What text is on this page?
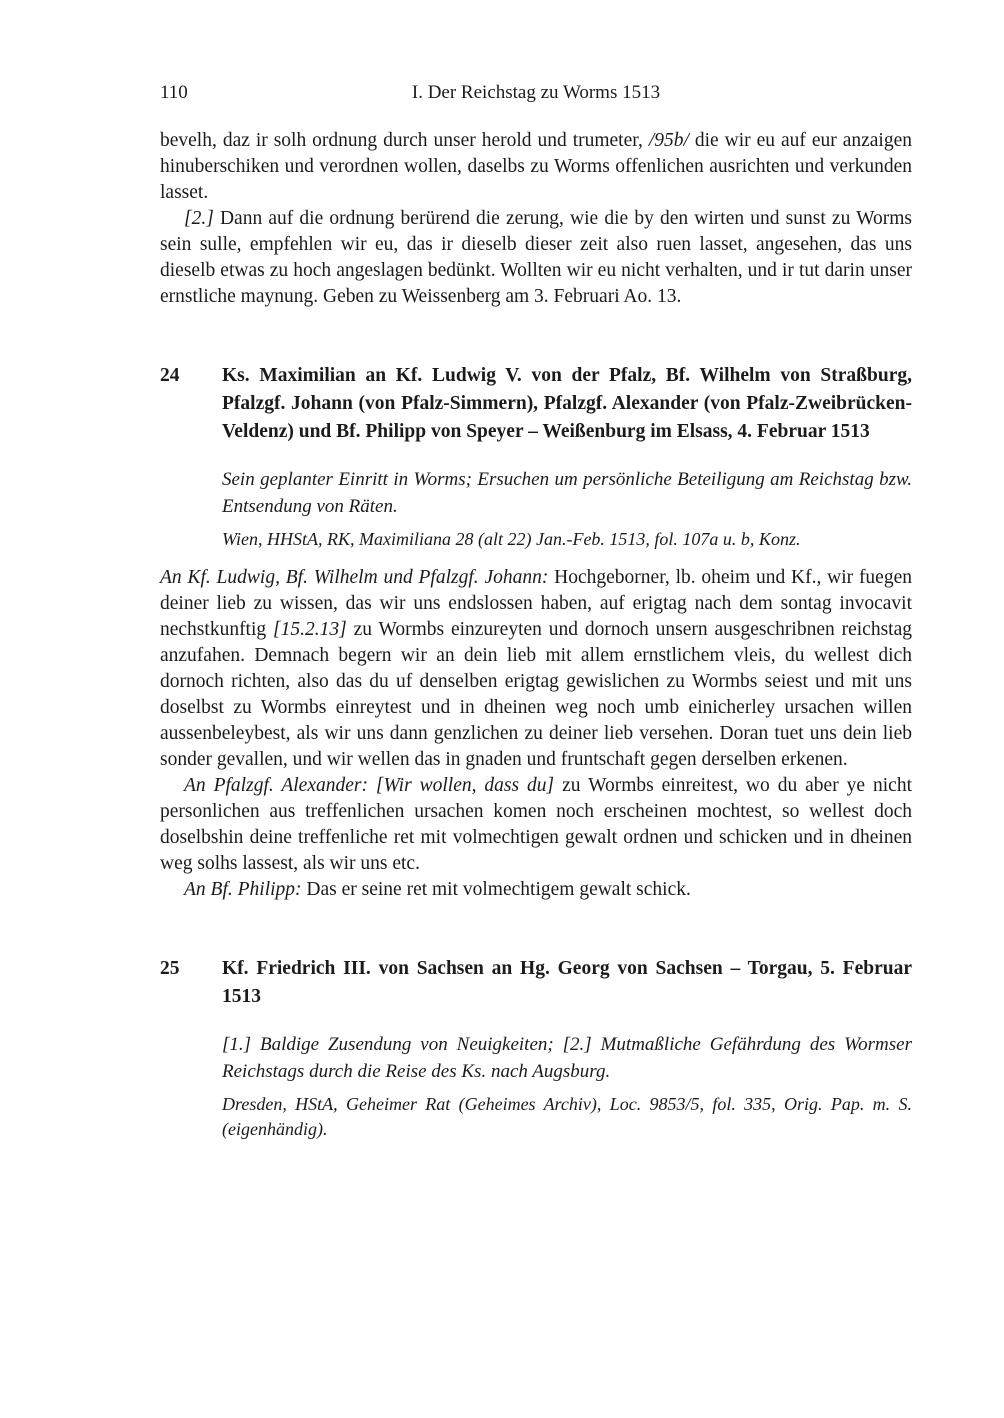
110	I. Der Reichstag zu Worms 1513

bevelh, daz ir solh ordnung durch unser herold und trumeter, /95b/ die wir eu auf eur anzaigen hinuberschiken und verordnen wollen, daselbs zu Worms offenlichen ausrichten und verkunden lasset.

[2.] Dann auf die ordnung berürend die zerung, wie die by den wirten und sunst zu Worms sein sulle, empfehlen wir eu, das ir dieselb dieser zeit also ruen lasset, angesehen, das uns dieselb etwas zu hoch angeslagen bedünkt. Wollten wir eu nicht verhalten, und ir tut darin unser ernstliche maynung. Geben zu Weissenberg am 3. Februari Ao. 13.

24	Ks. Maximilian an Kf. Ludwig V. von der Pfalz, Bf. Wilhelm von Straßburg, Pfalzgf. Johann (von Pfalz-Simmern), Pfalzgf. Alexander (von Pfalz-Zweibrücken-Veldenz) und Bf. Philipp von Speyer – Weißenburg im Elsass, 4. Februar 1513

Sein geplanter Einritt in Worms; Ersuchen um persönliche Beteiligung am Reichstag bzw. Entsendung von Räten.

Wien, HHStA, RK, Maximiliana 28 (alt 22) Jan.-Feb. 1513, fol. 107a u. b, Konz.

An Kf. Ludwig, Bf. Wilhelm und Pfalzgf. Johann: Hochgeborner, lb. oheim und Kf., wir fuegen deiner lieb zu wissen, das wir uns endslossen haben, auf erigtag nach dem sontag invocavit nechstkunftig [15.2.13] zu Wormbs einzureyten und dornoch unsern ausgeschribnen reichstag anzufahen. Demnach begern wir an dein lieb mit allem ernstlichem vleis, du wellest dich dornoch richten, also das du uf denselben erigtag gewislichen zu Wormbs seiest und mit uns doselbst zu Wormbs einreytest und in dheinen weg noch umb einicherley ursachen willen aussenbeleybest, als wir uns dann genzlichen zu deiner lieb versehen. Doran tuet uns dein lieb sonder gevallen, und wir wellen das in gnaden und fruntschaft gegen derselben erkenen.

An Pfalzgf. Alexander: [Wir wollen, dass du] zu Wormbs einreitest, wo du aber ye nicht personlichen aus treffenlichen ursachen komen noch erscheinen mochtest, so wellest doch doselbshin deine treffenliche ret mit volmechtigen gewalt ordnen und schicken und in dheinen weg solhs lassest, als wir uns etc.

An Bf. Philipp: Das er seine ret mit volmechtigem gewalt schick.

25	Kf. Friedrich III. von Sachsen an Hg. Georg von Sachsen – Torgau, 5. Februar 1513

[1.] Baldige Zusendung von Neuigkeiten; [2.] Mutmaßliche Gefährdung des Wormser Reichstags durch die Reise des Ks. nach Augsburg.

Dresden, HStA, Geheimer Rat (Geheimes Archiv), Loc. 9853/5, fol. 335, Orig. Pap. m. S. (eigenhändig).
